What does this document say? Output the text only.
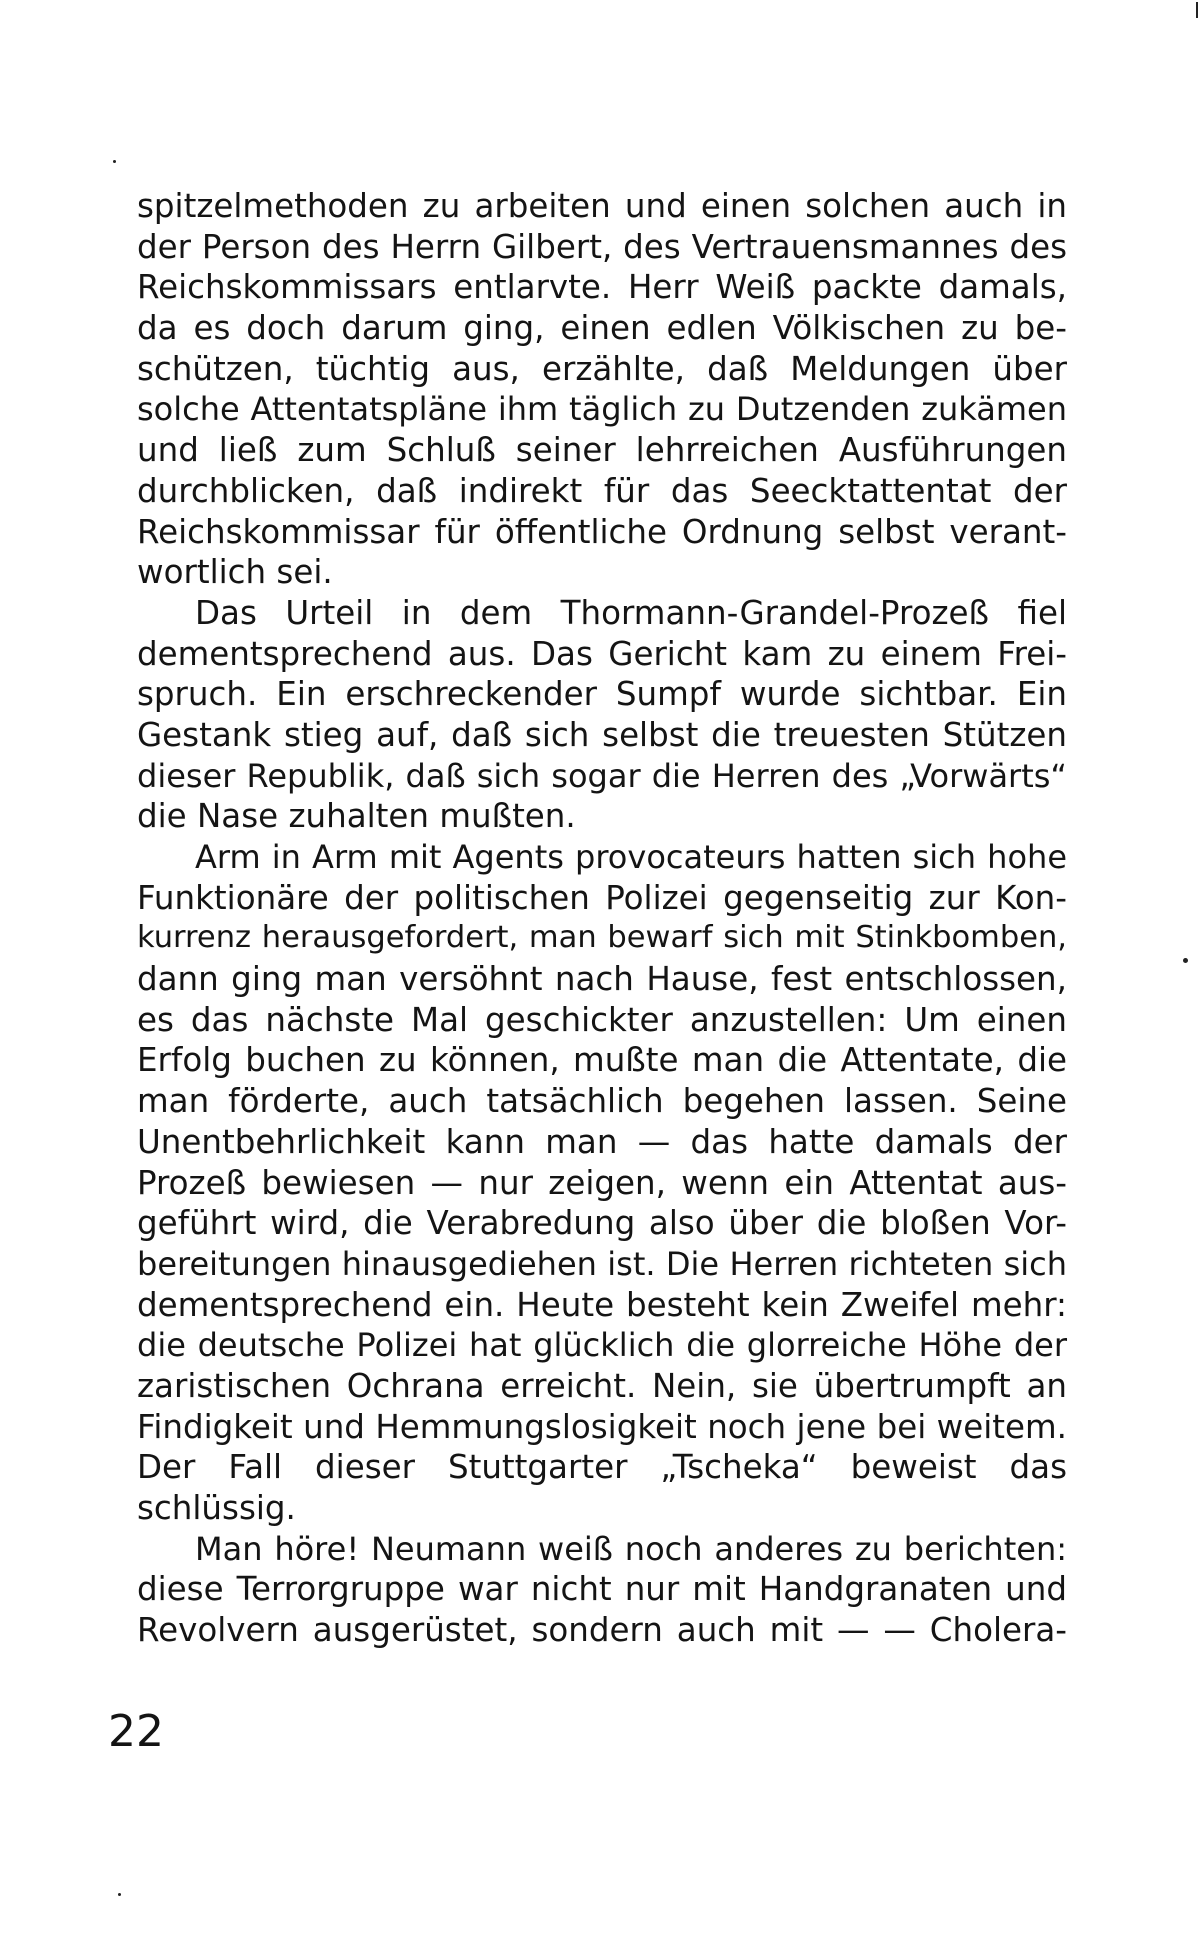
spitzelmethoden zu arbeiten und einen solchen auch in
der Person des Herrn Gilbert, des Vertrauensmannes des
Reichskommissars entlarvte. Herr Weiß packte damals,
da es doch darum ging, einen edlen Völkischen zu be-
schützen, tüchtig aus, erzählte, daß Meldungen über
solche Attentatspläne ihm täglich zu Dutzenden zukämen
und ließ zum Schluß seiner lehrreichen Ausführungen
durchblicken, daß indirekt für das Seecktattentat der
Reichskommissar für öffentliche Ordnung selbst verant-
wortlich sei.
Das Urteil in dem Thormann-Grandel-Prozeß fiel
dementsprechend aus. Das Gericht kam zu einem Frei-
spruch. Ein erschreckender Sumpf wurde sichtbar. Ein
Gestank stieg auf, daß sich selbst die treuesten Stützen
dieser Republik, daß sich sogar die Herren des „Vorwärts“
die Nase zuhalten mußten.
Arm in Arm mit Agents provocateurs hatten sich hohe
Funktionäre der politischen Polizei gegenseitig zur Kon-
kurrenz herausgefordert, man bewarf sich mit Stinkbomben,
dann ging man versöhnt nach Hause, fest entschlossen,
es das nächste Mal geschickter anzustellen: Um einen
Erfolg buchen zu können, mußte man die Attentate, die
man förderte, auch tatsächlich begehen lassen. Seine
Unentbehrlichkeit kann man — das hatte damals der
Prozeß bewiesen — nur zeigen, wenn ein Attentat aus-
geführt wird, die Verabredung also über die bloßen Vor-
bereitungen hinausgediehen ist. Die Herren richteten sich
dementsprechend ein. Heute besteht kein Zweifel mehr:
die deutsche Polizei hat glücklich die glorreiche Höhe der
zaristischen Ochrana erreicht. Nein, sie übertrumpft an
Findigkeit und Hemmungslosigkeit noch jene bei weitem.
Der Fall dieser Stuttgarter „Tscheka“ beweist das
schlüssig.
Man höre! Neumann weiß noch anderes zu berichten:
diese Terrorgruppe war nicht nur mit Handgranaten und
Revolvern ausgerüstet, sondern auch mit — — Cholera-
22
